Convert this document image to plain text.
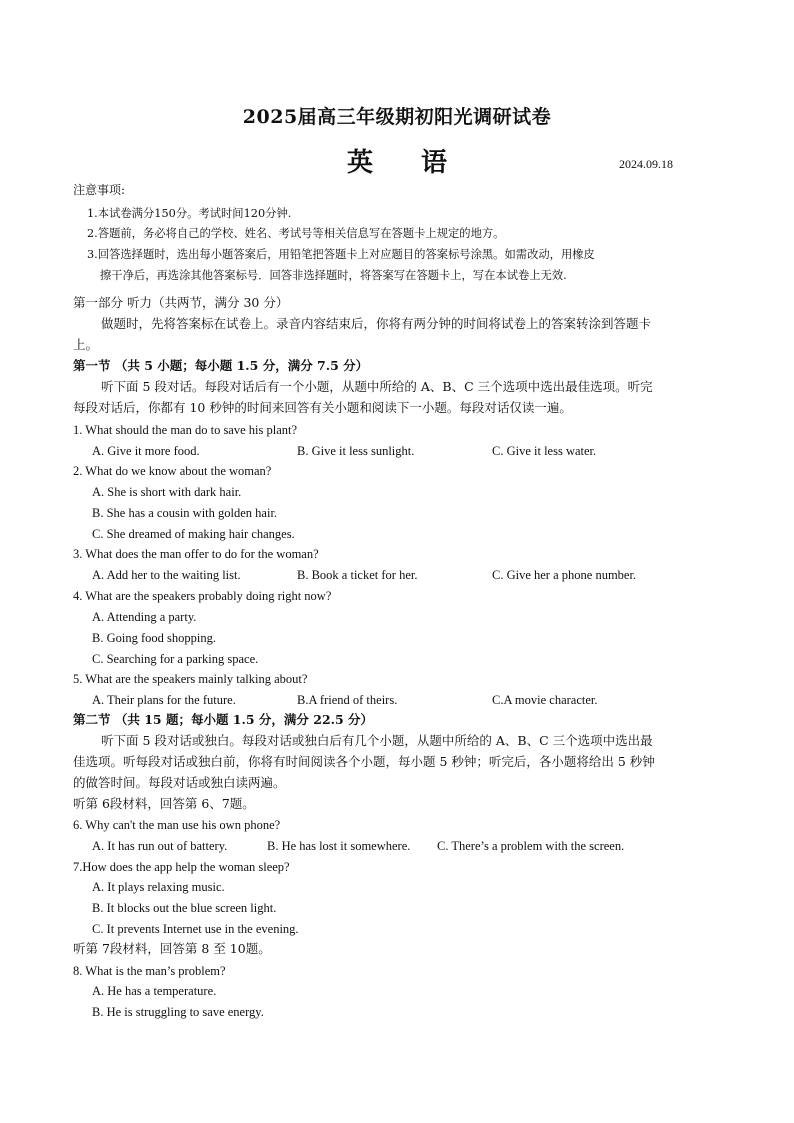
2025届高三年级期初阳光调研试卷
英 语	2024.09.18
注意事项:
1.本试卷满分150分。考试时间120分钟.
2.答题前，务必将自己的学校、姓名、考试号等相关信息写在答题卡上规定的地方。
3.回答选择题时，选出每小题答案后，用铅笔把答题卡上对应题目的答案标号涂黑。如需改动，用橡皮
擦干净后，再选涂其他答案标号．回答非选择题时，将答案写在答题卡上，写在本试卷上无效.
第一部分 听力（共两节，满分 30 分）
做题时，先将答案标在试卷上。录音内容结束后，你将有两分钟的时间将试卷上的答案转涂到答题卡
上。
第一节 （共 5 小题；每小题 1.5 分，满分 7.5 分）
听下面 5 段对话。每段对话后有一个小题，从题中所给的 A、B、C 三个选项中选出最佳选项。听完
每段对话后，你都有 10 秒钟的时间来回答有关小题和阅读下一小题。每段对话仅读一遍。
1. What should the man do to save his plant?
A. Give it more food.	B. Give it less sunlight.	C. Give it less water.
2. What do we know about the woman?
A. She is short with dark hair.
B. She has a cousin with golden hair.
C. She dreamed of making hair changes.
3. What does the man offer to do for the woman?
A. Add her to the waiting list.	B. Book a ticket for her.	C. Give her a phone number.
4. What are the speakers probably doing right now?
A. Attending a party.
B. Going food shopping.
C. Searching for a parking space.
5. What are the speakers mainly talking about?
A. Their plans for the future.	B.A friend of theirs.	C.A movie character.
第二节 （共 15 题；每小题 1.5 分，满分 22.5 分）
听下面 5 段对话或独白。每段对话或独白后有几个小题，从题中所给的 A、B、C 三个选项中选出最
佳选项。听每段对话或独白前，你将有时间阅读各个小题，每小题 5 秒钟；听完后，各小题将给出 5 秒钟
的做答时间。每段对话或独白读两遍。
听第 6段材料，回答第 6、7题。
6. Why can't the man use his own phone?
A. It has run out of battery.	B. He has lost it somewhere. C. There’s a problem with the screen.
7.How does the app help the woman sleep?
A. It plays relaxing music.
B. It blocks out the blue screen light.
C. It prevents Internet use in the evening.
听第 7段材料，回答第 8 至 10题。
8. What is the man’s problem?
A. He has a temperature.
B. He is struggling to save energy.
